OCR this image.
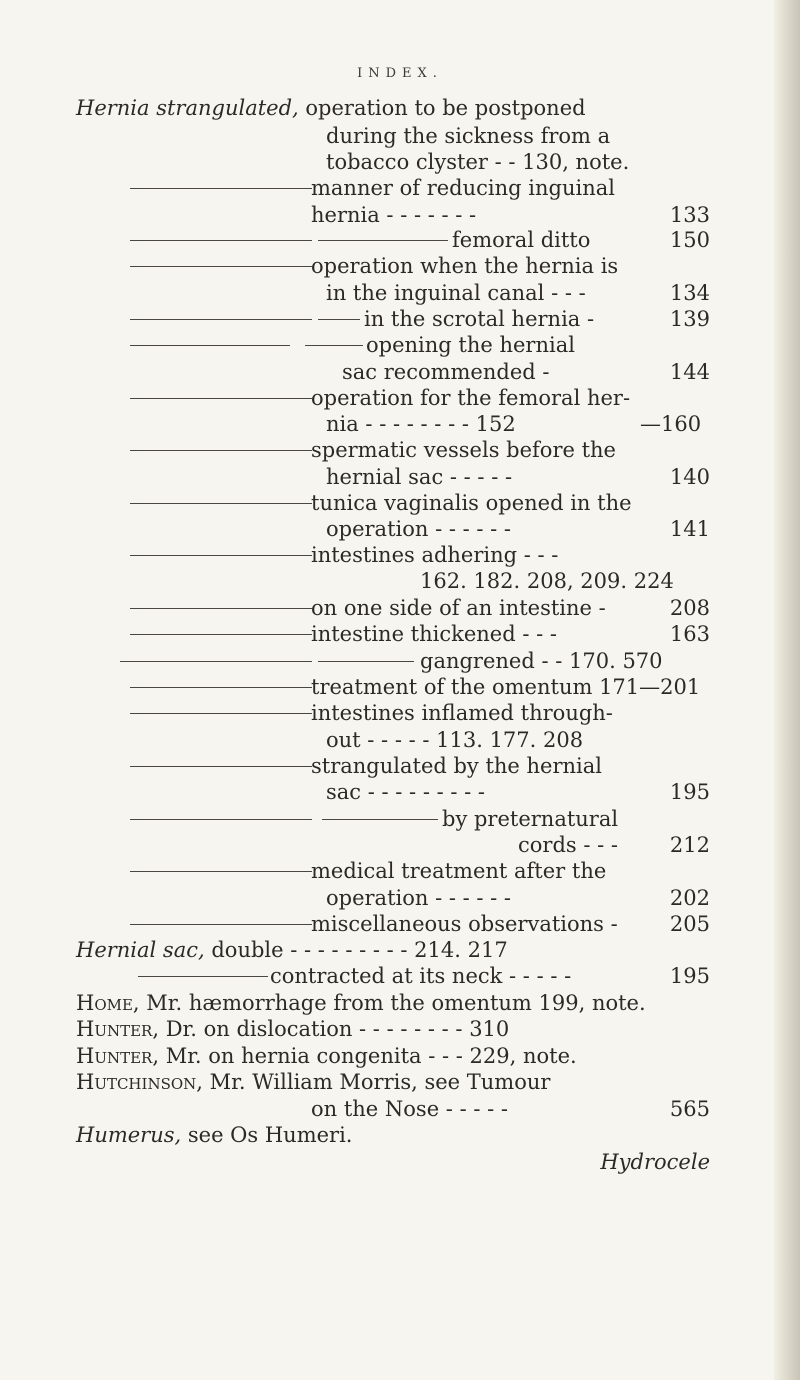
INDEX.
Hernia strangulated, operation to be postponed
during the sickness from a
tobacco clyster - - 130, note.
manner of reducing inguinal
hernia - - - - - - -	133
femoral ditto	150
operation when the hernia is
in the inguinal canal - - -	134
in the scrotal hernia -	139
opening the hernial
sac recommended -	144
operation for the femoral her-
nia - - - - - - - - 152	—160
spermatic vessels before the
hernial sac - - - - -	140
tunica vaginalis opened in the
operation - - - - - -	141
intestines adhering - - -
162. 182. 208, 209. 224
on one side of an intestine -	208
intestine thickened - - -	163
gangrened - - 170. 570
treatment of the omentum 171—201
intestines inflamed through-
out - - - - - 113. 177. 208
strangulated by the hernial
sac - - - - - - - - -	195
by preternatural
cords - - -	212
medical treatment after the
operation - - - - - -	202
miscellaneous observations -	205
Hernial sac, double - - - - - - - - - 214. 217
contracted at its neck - - - - -	195
Home, Mr. hæmorrhage from the omentum 199, note.
Hunter, Dr. on dislocation - - - - - - - - 310
Hunter, Mr. on hernia congenita - - - 229, note.
Hutchinson, Mr. William Morris, see Tumour
on the Nose - - - - -	565
Humerus, see Os Humeri.
Hydrocele
